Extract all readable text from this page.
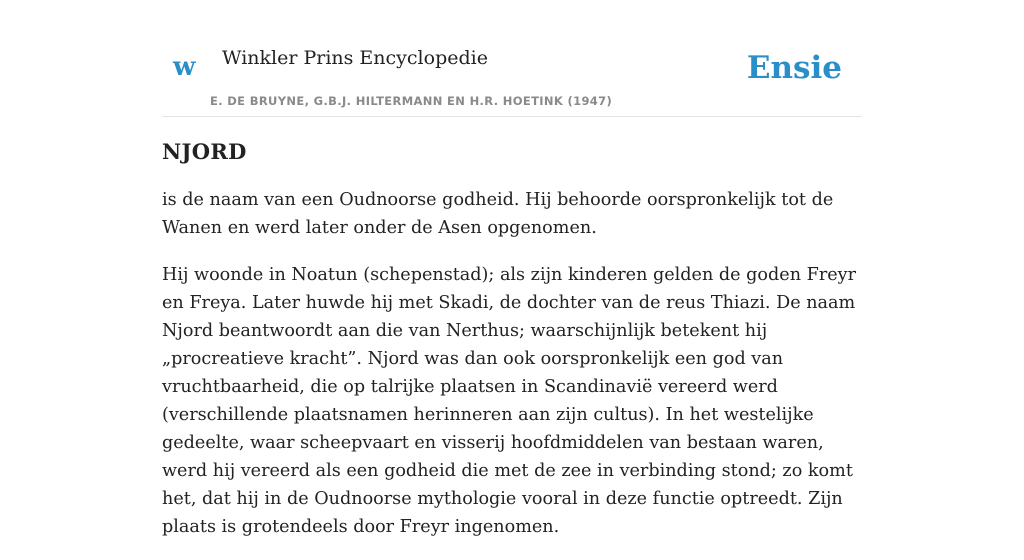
w Winkler Prins Encyclopedie
E. DE BRUYNE, G.B.J. HILTERMANN EN H.R. HOETINK (1947)
Ensie
NJORD

is de naam van een Oudnoorse godheid. Hij behoorde oorspronkelijk tot de Wanen en werd later onder de Asen opgenomen.

Hij woonde in Noatun (schepenstad); als zijn kinderen gelden de goden Freyr en Freya. Later huwde hij met Skadi, de dochter van de reus Thiazi. De naam Njord beantwoordt aan die van Nerthus; waarschijnlijk betekent hij „procreatieve kracht”. Njord was dan ook oorspronkelijk een god van vruchtbaarheid, die op talrijke plaatsen in Scandinavië vereerd werd (verschillende plaatsnamen herinneren aan zijn cultus). In het westelijke gedeelte, waar scheepvaart en visserij hoofdmiddelen van bestaan waren, werd hij vereerd als een godheid die met de zee in verbinding stond; zo komt het, dat hij in de Oudnoorse mythologie vooral in deze functie optreedt. Zijn plaats is grotendeels door Freyr ingenomen.
